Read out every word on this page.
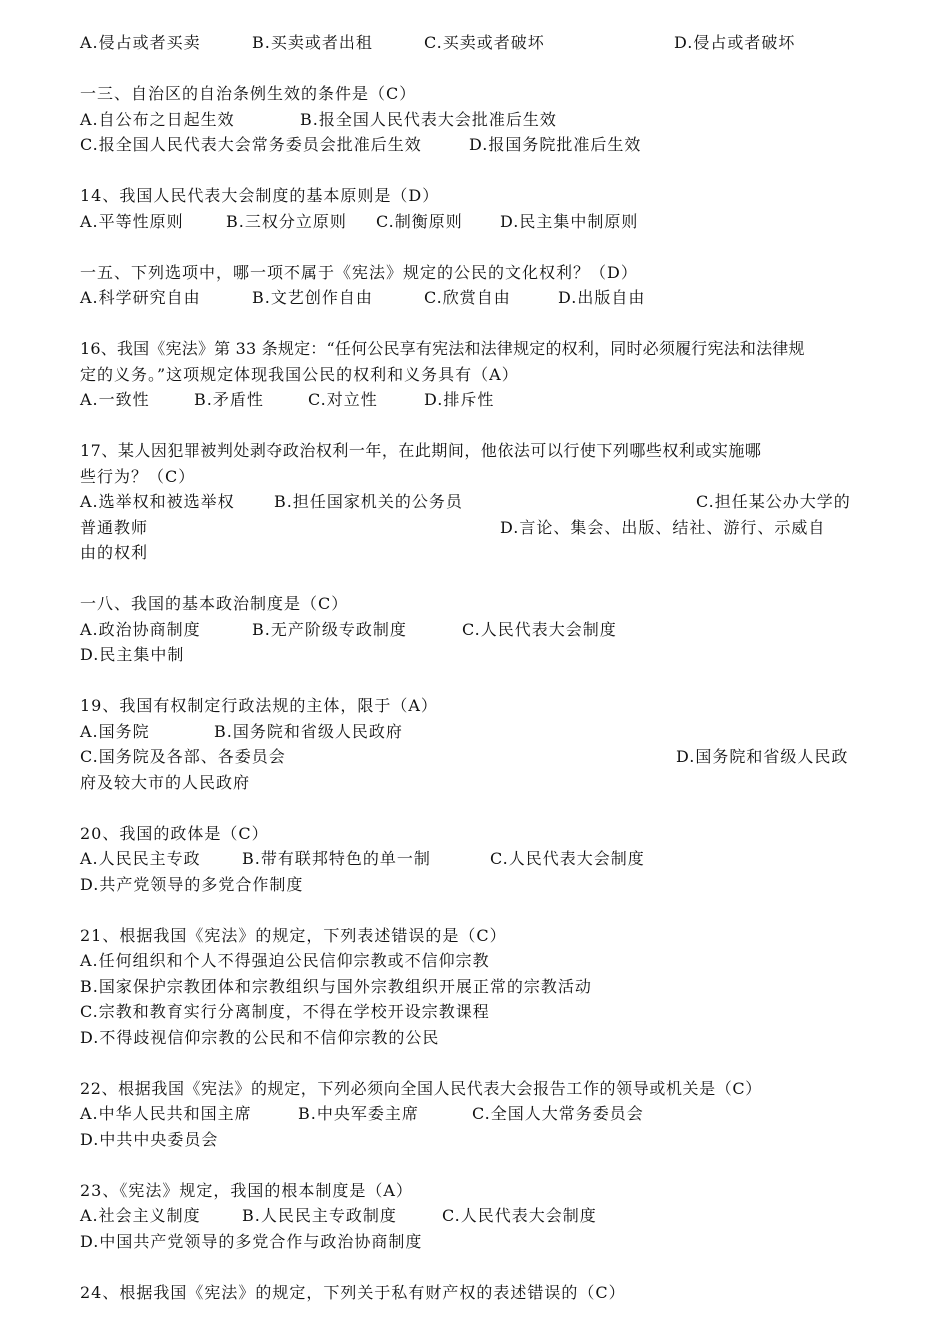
A.侵占或者买卖	B.买卖或者出租	C.买卖或者破坏	D.侵占或者破坏
一三、自治区的自治条例生效的条件是（C）
A.自公布之日起生效	B.报全国人民代表大会批准后生效
C.报全国人民代表大会常务委员会批准后生效	D.报国务院批准后生效
14、我国人民代表大会制度的基本原则是（D）
A.平等性原则	B.三权分立原则 C.制衡原则 D.民主集中制原则
一五、下列选项中，哪一项不属于《宪法》规定的公民的文化权利？（D）
A.科学研究自由	B.文艺创作自由	C.欣赏自由	D.出版自由
16、我国《宪法》第 33 条规定：“任何公民享有宪法和法律规定的权利，同时必须履行宪法和法律规
定的义务。”这项规定体现我国公民的权利和义务具有（A）
A.一致性	B.矛盾性	C.对立性	D.排斥性
17、某人因犯罪被判处剥夺政治权利一年，在此期间，他依法可以行使下列哪些权利或实施哪
些行为？（C）
A.选举权和被选举权 B.担任国家机关的公务员	C.担任某公办大学的
普通教师	D.言论、集会、出版、结社、游行、示威自
由的权利
一八、我国的基本政治制度是（C）
A.政治协商制度	B.无产阶级专政制度	C.人民代表大会制度
D.民主集中制
19、我国有权制定行政法规的主体，限于（A）
A.国务院	B.国务院和省级人民政府
C.国务院及各部、各委员会	D.国务院和省级人民政
府及较大市的人民政府
20、我国的政体是（C）
A.人民民主专政	B.带有联邦特色的单一制	C.人民代表大会制度
D.共产党领导的多党合作制度
21、根据我国《宪法》的规定，下列表述错误的是（C）
A.任何组织和个人不得强迫公民信仰宗教或不信仰宗教
B.国家保护宗教团体和宗教组织与国外宗教组织开展正常的宗教活动
C.宗教和教育实行分离制度，不得在学校开设宗教课程
D.不得歧视信仰宗教的公民和不信仰宗教的公民
22、根据我国《宪法》的规定，下列必须向全国人民代表大会报告工作的领导或机关是（C）
A.中华人民共和国主席	B.中央军委主席	C.全国人大常务委员会
D.中共中央委员会
23、《宪法》规定，我国的根本制度是（A）
A.社会主义制度	B.人民民主专政制度	C.人民代表大会制度
D.中国共产党领导的多党合作与政治协商制度
24、根据我国《宪法》的规定，下列关于私有财产权的表述错误的（C）
